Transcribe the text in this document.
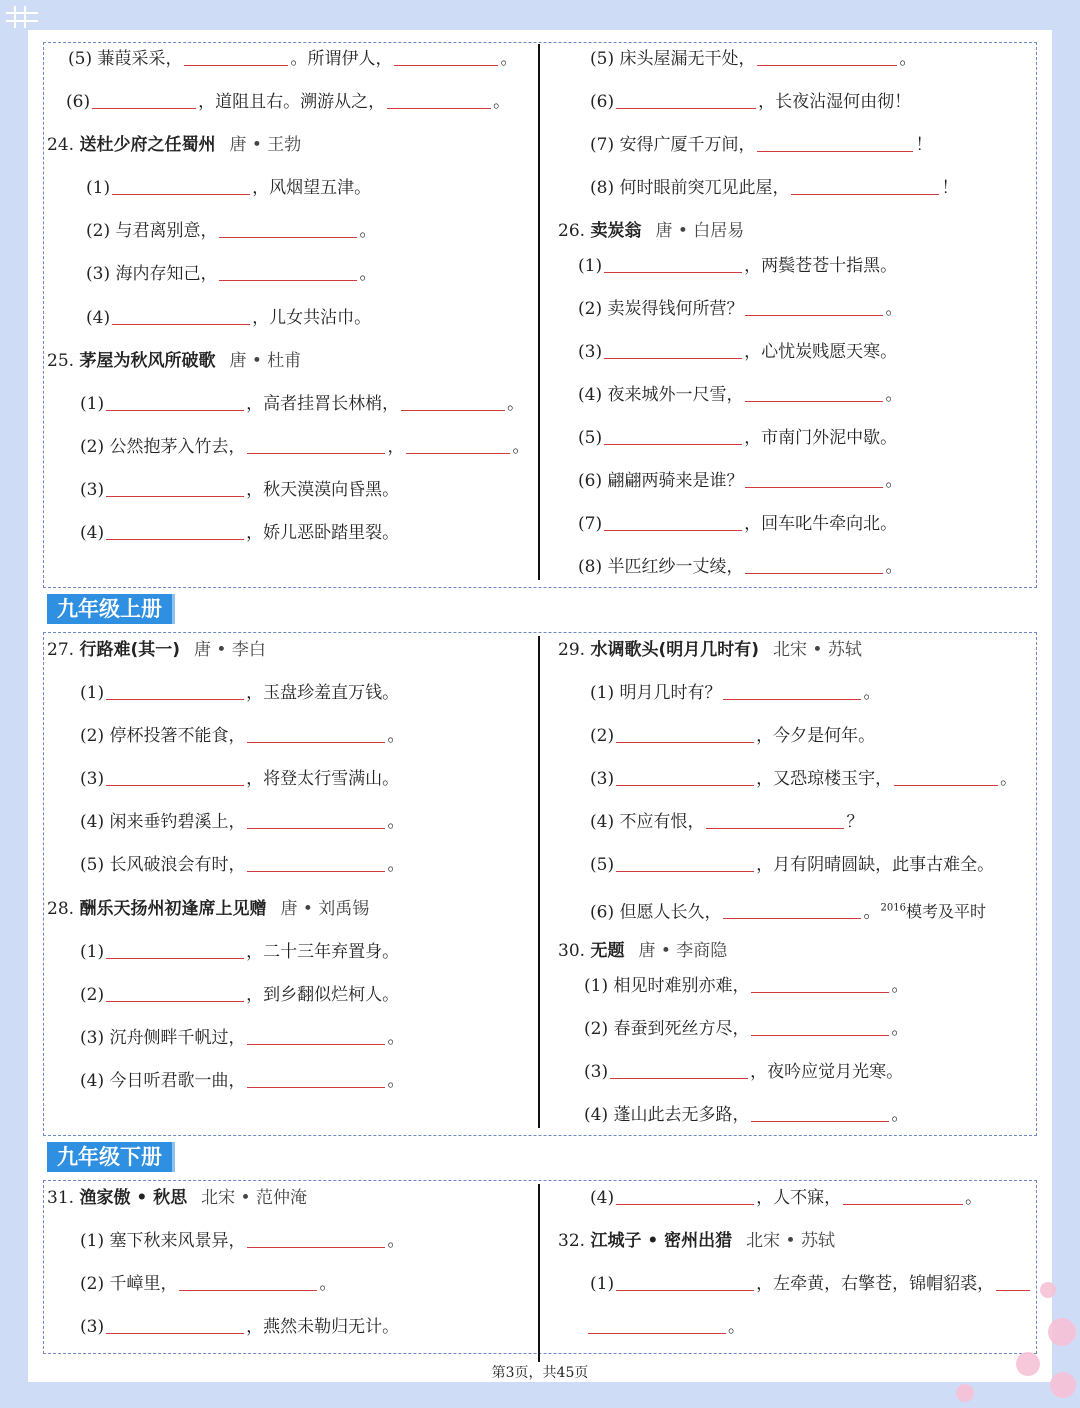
九年级上册
九年级下册
(5) 蒹葭采采，	。所谓伊人，	。
(6)	，道阻且右。溯游从之，	。
24. 送杜少府之任蜀州 唐 • 王勃
(1)	，风烟望五津。
(2) 与君离别意，	。
(3) 海内存知己，	。
(4)	，儿女共沾巾。
25. 茅屋为秋风所破歌 唐 • 杜甫
(1)	，高者挂罥长林梢，	。
(2) 公然抱茅入竹去，	，	。
(3)	，秋天漠漠向昏黑。
(4)	，娇儿恶卧踏里裂。
(5) 床头屋漏无干处，	。
(6)	，长夜沾湿何由彻！
(7) 安得广厦千万间，	！
(8) 何时眼前突兀见此屋，	！
26. 卖炭翁 唐 • 白居易
(1)	，两鬓苍苍十指黑。
(2) 卖炭得钱何所营？	。
(3)	，心忧炭贱愿天寒。
(4) 夜来城外一尺雪，	。
(5)	，市南门外泥中歇。
(6) 翩翩两骑来是谁？	。
(7)	，回车叱牛牵向北。
(8) 半匹红纱一丈绫，	。
27. 行路难(其一) 唐 • 李白
(1)	，玉盘珍羞直万钱。
(2) 停杯投箸不能食，	。
(3)	，将登太行雪满山。
(4) 闲来垂钓碧溪上，	。
(5) 长风破浪会有时，	。
28. 酬乐天扬州初逢席上见赠 唐 • 刘禹锡
(1)	，二十三年弃置身。
(2)	，到乡翻似烂柯人。
(3) 沉舟侧畔千帆过，	。
(4) 今日听君歌一曲，	。
29. 水调歌头(明月几时有) 北宋 • 苏轼
(1) 明月几时有？	。
(2)	，今夕是何年。
(3)	，又恐琼楼玉宇，	。
(4) 不应有恨，	？
(5)	，月有阴晴圆缺，此事古难全。
(6) 但愿人长久，	。$^{2016}$模考及平时
30. 无题 唐 • 李商隐
(1) 相见时难别亦难，	。
(2) 春蚕到死丝方尽，	。
(3)	，夜吟应觉月光寒。
(4) 蓬山此去无多路，	。
31. 渔家傲 • 秋思 北宋 • 范仲淹
(1) 塞下秋来风景异，	。
(2) 千嶂里，	。
(3)	，燕然未勒归无计。
(4)	，人不寐，	。
32. 江城子 • 密州出猎 北宋 • 苏轼
(1)	，左牵黄，右擎苍，锦帽貂裘，
。
第3页，共45页
